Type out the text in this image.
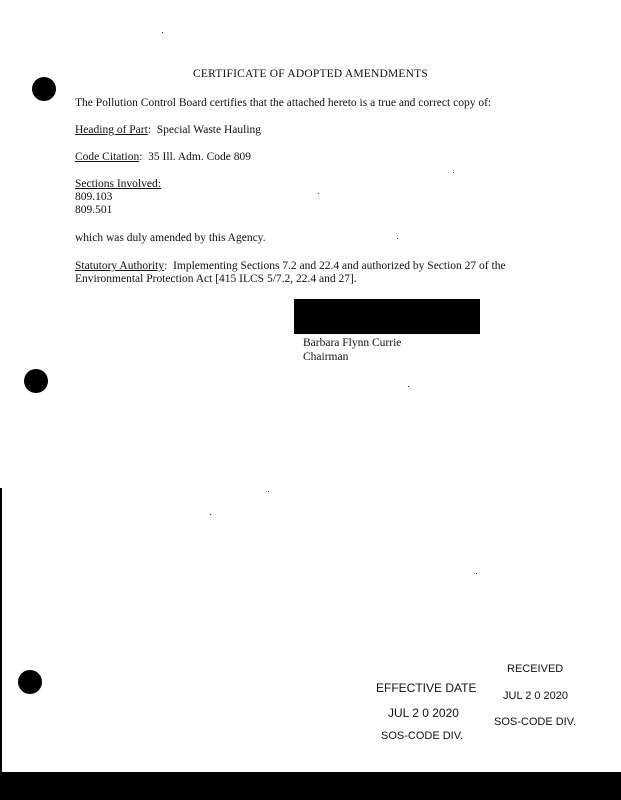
CERTIFICATE OF ADOPTED AMENDMENTS
The Pollution Control Board certifies that the attached hereto is a true and correct copy of:
Heading of Part:  Special Waste Hauling
Code Citation:  35 Ill. Adm. Code 809
Sections Involved:
809.103
809.501
which was duly amended by this Agency.
Statutory Authority:  Implementing Sections 7.2 and 22.4 and authorized by Section 27 of the
Environmental Protection Act [415 ILCS 5/7.2, 22.4 and 27].
Barbara Flynn Currie
Chairman
EFFECTIVE DATE
JUL 2 0 2020
SOS-CODE DIV.
RECEIVED
JUL 2 0 2020
SOS-CODE DIV.
